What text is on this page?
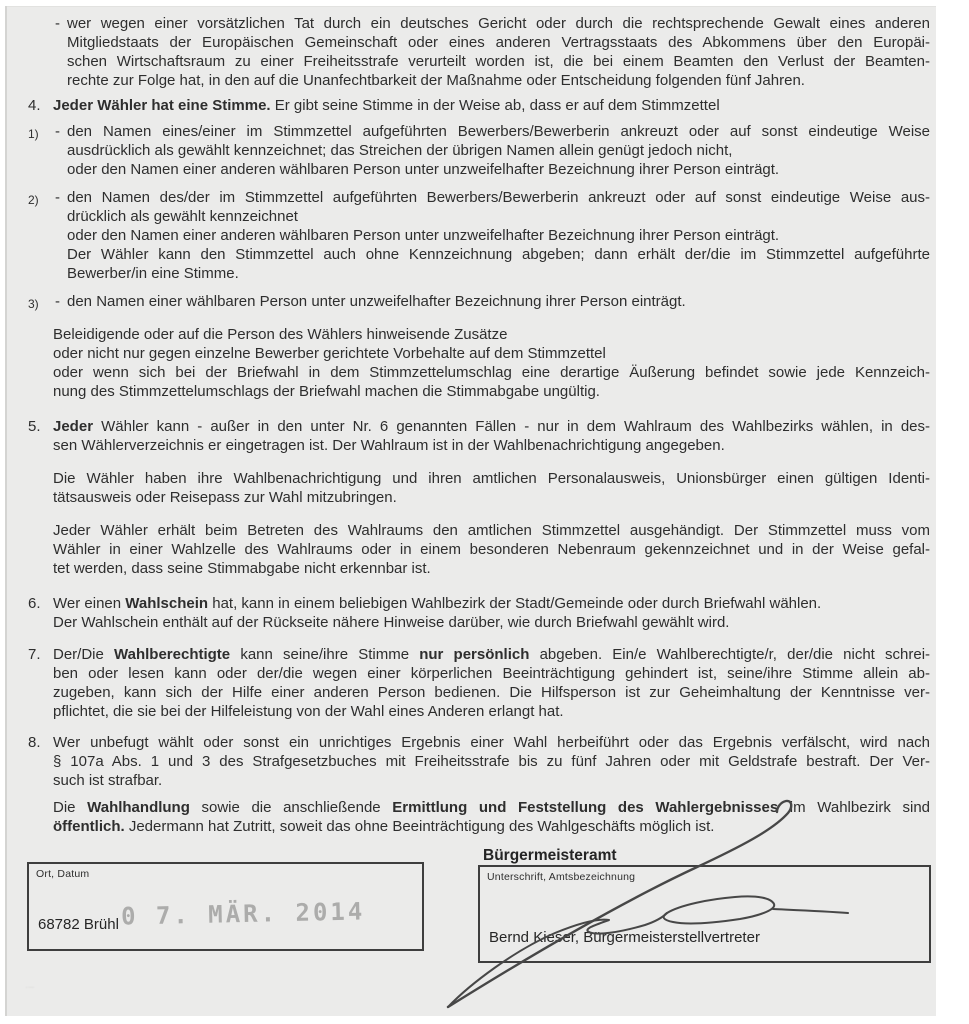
- wer wegen einer vorsätzlichen Tat durch ein deutsches Gericht oder durch die rechtsprechende Gewalt eines anderen
Mitgliedstaats der Europäischen Gemeinschaft oder eines anderen Vertragsstaats des Abkommens über den Europäi-
schen Wirtschaftsraum zu einer Freiheitsstrafe verurteilt worden ist, die bei einem Beamten den Verlust der Beamten-
rechte zur Folge hat, in den auf die Unanfechtbarkeit der Maßnahme oder Entscheidung folgenden fünf Jahren.
4. Jeder Wähler hat eine Stimme. Er gibt seine Stimme in der Weise ab, dass er auf dem Stimmzettel
1) - den Namen eines/einer im Stimmzettel aufgeführten Bewerbers/Bewerberin ankreuzt oder auf sonst eindeutige Weise
ausdrücklich als gewählt kennzeichnet; das Streichen der übrigen Namen allein genügt jedoch nicht,
oder den Namen einer anderen wählbaren Person unter unzweifelhafter Bezeichnung ihrer Person einträgt.
2) - den Namen des/der im Stimmzettel aufgeführten Bewerbers/Bewerberin ankreuzt oder auf sonst eindeutige Weise aus-
drücklich als gewählt kennzeichnet
oder den Namen einer anderen wählbaren Person unter unzweifelhafter Bezeichnung ihrer Person einträgt.
Der Wähler kann den Stimmzettel auch ohne Kennzeichnung abgeben; dann erhält der/die im Stimmzettel aufgeführte
Bewerber/in eine Stimme.
3) - den Namen einer wählbaren Person unter unzweifelhafter Bezeichnung ihrer Person einträgt.
Beleidigende oder auf die Person des Wählers hinweisende Zusätze
oder nicht nur gegen einzelne Bewerber gerichtete Vorbehalte auf dem Stimmzettel
oder wenn sich bei der Briefwahl in dem Stimmzettelumschlag eine derartige Äußerung befindet sowie jede Kennzeich-
nung des Stimmzettelumschlags der Briefwahl machen die Stimmabgabe ungültig.
5. Jeder Wähler kann - außer in den unter Nr. 6 genannten Fällen - nur in dem Wahlraum des Wahlbezirks wählen, in des-
sen Wählerverzeichnis er eingetragen ist. Der Wahlraum ist in der Wahlbenachrichtigung angegeben.
Die Wähler haben ihre Wahlbenachrichtigung und ihren amtlichen Personalausweis, Unionsbürger einen gültigen Identi-
tätsausweis oder Reisepass zur Wahl mitzubringen.
Jeder Wähler erhält beim Betreten des Wahlraums den amtlichen Stimmzettel ausgehändigt. Der Stimmzettel muss vom
Wähler in einer Wahlzelle des Wahlraums oder in einem besonderen Nebenraum gekennzeichnet und in der Weise gefal-
tet werden, dass seine Stimmabgabe nicht erkennbar ist.
6. Wer einen Wahlschein hat, kann in einem beliebigen Wahlbezirk der Stadt/Gemeinde oder durch Briefwahl wählen.
Der Wahlschein enthält auf der Rückseite nähere Hinweise darüber, wie durch Briefwahl gewählt wird.
7. Der/Die Wahlberechtigte kann seine/ihre Stimme nur persönlich abgeben. Ein/e Wahlberechtigte/r, der/die nicht schrei-
ben oder lesen kann oder der/die wegen einer körperlichen Beeinträchtigung gehindert ist, seine/ihre Stimme allein ab-
zugeben, kann sich der Hilfe einer anderen Person bedienen. Die Hilfsperson ist zur Geheimhaltung der Kenntnisse ver-
pflichtet, die sie bei der Hilfeleistung von der Wahl eines Anderen erlangt hat.
8. Wer unbefugt wählt oder sonst ein unrichtiges Ergebnis einer Wahl herbeiführt oder das Ergebnis verfälscht, wird nach
§ 107a Abs. 1 und 3 des Strafgesetzbuches mit Freiheitsstrafe bis zu fünf Jahren oder mit Geldstrafe bestraft. Der Ver-
such ist strafbar.
Die Wahlhandlung sowie die anschließende Ermittlung und Feststellung des Wahlergebnisses im Wahlbezirk sind
öffentlich. Jedermann hat Zutritt, soweit das ohne Beeinträchtigung des Wahlgeschäfts möglich ist.
Bürgermeisteramt
Ort, Datum
68782 Brühl 0 7. MÄR. 2014
Unterschrift, Amtsbezeichnung
Bernd Kieser, Bürgermeisterstellvertreter
·–
